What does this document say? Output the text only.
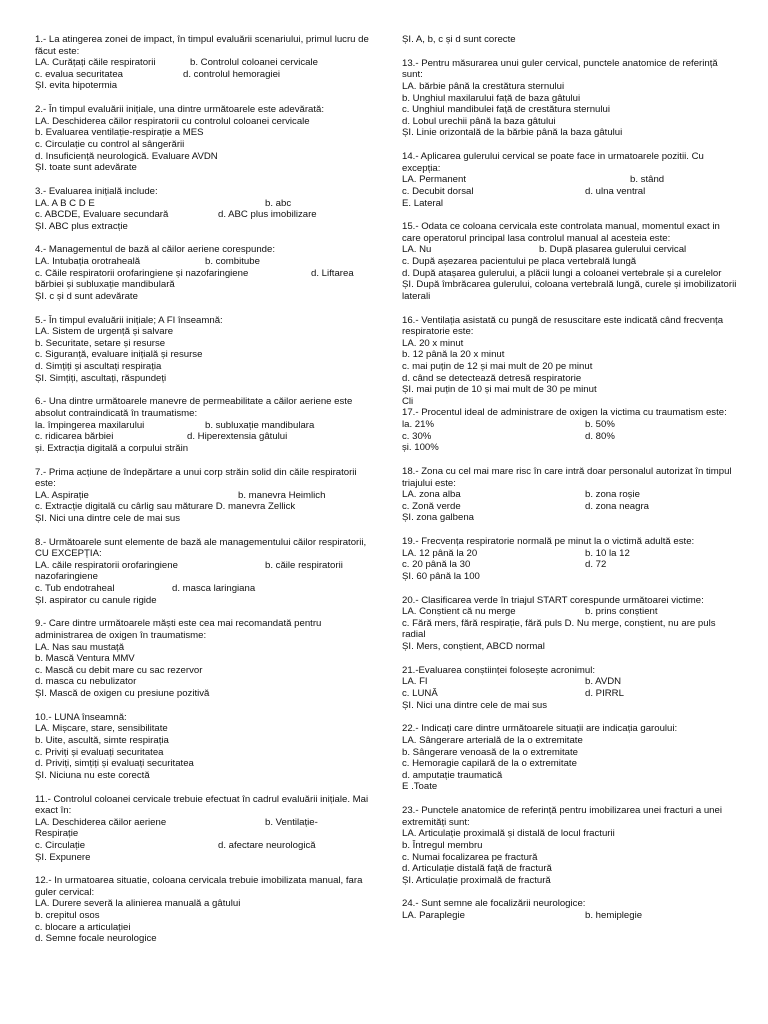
1.- La atingerea zonei de impact, în timpul evaluării scenariului, primul lucru de făcut este:
LA. Curățați căile respiratorii	b. Controlul coloanei cervicale
c. evalua securitatea	d. controlul hemoragiei
ȘI. evita hipotermia
2.- În timpul evaluării inițiale, una dintre următoarele este adevărată:
LA. Deschiderea căilor respiratorii cu controlul coloanei cervicale
b. Evaluarea ventilație-respirație a MES
c. Circulație cu control al sângerării
d. Insuficiență neurologică. Evaluare AVDN
ȘI. toate sunt adevărate
3.- Evaluarea inițială include:
LA. A B C D E	b. abc
c. ABCDE, Evaluare secundară	d. ABC plus imobilizare
ȘI. ABC plus extracție
4.- Managementul de bază al căilor aeriene corespunde:
LA. Intubația orotraheală	b. combitube
c. Căile respiratorii orofaringiene și nazofaringiene	d. Liftarea
bărbiei și subluxație mandibulară
ȘI. c și d sunt adevărate
5.- În timpul evaluării inițiale; A FI înseamnă:
LA. Sistem de urgență și salvare
b. Securitate, setare și resurse
c. Siguranță, evaluare inițială și resurse
d. Simțiți și ascultați respirația
ȘI. Simțiți, ascultați, răspundeți
6.- Una dintre următoarele manevre de permeabilitate a căilor aeriene este absolut contraindicată în traumatisme:
la. împingerea maxilarului	b. subluxație mandibulara
c. ridicarea bărbiei	d. Hiperextensia gâtului
și. Extracția digitală a corpului străin
7.- Prima acțiune de îndepărtare a unui corp străin solid din căile respiratorii este:
LA. Aspirație	b. manevra Heimlich
c. Extracție digitală cu cârlig sau măturare D. manevra Zellick
ȘI. Nici una dintre cele de mai sus
8.- Următoarele sunt elemente de bază ale managementului căilor respiratorii, CU EXCEPȚIA:
LA. căile respiratorii orofaringiene	b. căile respiratorii
nazofaringiene
c. Tub endotraheal	d. masca laringiana
ȘI. aspirator cu canule rigide
9.- Care dintre următoarele măști este cea mai recomandată pentru administrarea de oxigen în traumatisme:
LA. Nas sau mustață
b. Mască Ventura MMV
c. Mască cu debit mare cu sac rezervor
d. masca cu nebulizator
ȘI. Mască de oxigen cu presiune pozitivă
10.- LUNA înseamnă:
LA. Mișcare, stare, sensibilitate
b. Uite, ascultă, simte respirația
c. Priviți și evaluați securitatea
d. Priviți, simțiți și evaluați securitatea
ȘI. Niciuna nu este corectă
11.- Controlul coloanei cervicale trebuie efectuat în cadrul evaluării inițiale. Mai exact în:
LA. Deschiderea căilor aeriene	b. Ventilație-
Respirație
c. Circulație	d. afectare neurologică
ȘI. Expunere
12.- In urmatoarea situatie, coloana cervicala trebuie imobilizata manual, fara guler cervical:
LA. Durere severă la alinierea manuală a gâtului
b. crepitul osos
c. blocare a articulației
d. Semne focale neurologice
ȘI. A, b, c și d sunt corecte
13.- Pentru măsurarea unui guler cervical, punctele anatomice de referință sunt:
LA. bărbie până la crestătura sternului
b. Unghiul maxilarului față de baza gâtului
c. Unghiul mandibulei față de crestătura sternului
d. Lobul urechii până la baza gâtului
ȘI. Linie orizontală de la bărbie până la baza gâtului
14.- Aplicarea gulerului cervical se poate face in urmatoarele pozitii. Cu excepția:
LA. Permanent	b. stând
c. Decubit dorsal	d. ulna ventral
E. Lateral
15.- Odata ce coloana cervicala este controlata manual, momentul exact in care operatorul principal lasa controlul manual al acesteia este:
LA. Nu	b. După plasarea gulerului cervical
c. După așezarea pacientului pe placa vertebrală lungă
d. După atașarea gulerului, a plăcii lungi a coloanei vertebrale și a curelelor
ȘI. După îmbrăcarea gulerului, coloana vertebrală lungă, curele și imobilizatorii laterali
16.- Ventilația asistată cu pungă de resuscitare este indicată când frecvența respiratorie este:
LA. 20 x minut
b. 12 până la 20 x minut
c. mai puțin de 12 și mai mult de 20 pe minut
d. când se detectează detresă respiratorie
ȘI. mai puțin de 10 și mai mult de 30 pe minut
Cli
17.- Procentul ideal de administrare de oxigen la victima cu traumatism este:
la. 21%	b. 50%
c. 30%	d. 80%
și. 100%
18.- Zona cu cel mai mare risc în care intră doar personalul autorizat în timpul triajului este:
LA. zona alba	b. zona roșie
c. Zonă verde	d. zona neagra
ȘI. zona galbena
19.- Frecvența respiratorie normală pe minut la o victimă adultă este:
LA. 12 până la 20	b. 10 la 12
c. 20 până la 30	d. 72
ȘI. 60 până la 100
20.- Clasificarea verde în triajul START corespunde următoarei victime:
LA. Conștient că nu merge	b. prins conștient
c. Fără mers, fără respirație, fără puls D. Nu merge, conștient, nu are puls radial
ȘI. Mers, conștient, ABCD normal
21.-Evaluarea conștiinței folosește acronimul:
LA. FI	b. AVDN
c. LUNĂ	d. PIRRL
ȘI. Nici una dintre cele de mai sus
22.- Indicați care dintre următoarele situații are indicația garoului:
LA. Sângerare arterială de la o extremitate
b. Sângerare venoasă de la o extremitate
c. Hemoragie capilară de la o extremitate
d. amputație traumatică
E .Toate
23.- Punctele anatomice de referință pentru imobilizarea unei fracturi a unei extremități sunt:
LA. Articulație proximală și distală de locul fracturii
b. Întregul membru
c. Numai focalizarea pe fractură
d. Articulație distală față de fractură
ȘI. Articulație proximală de fractură
24.- Sunt semne ale focalizării neurologice:
LA. Paraplegie	b. hemiplegie
